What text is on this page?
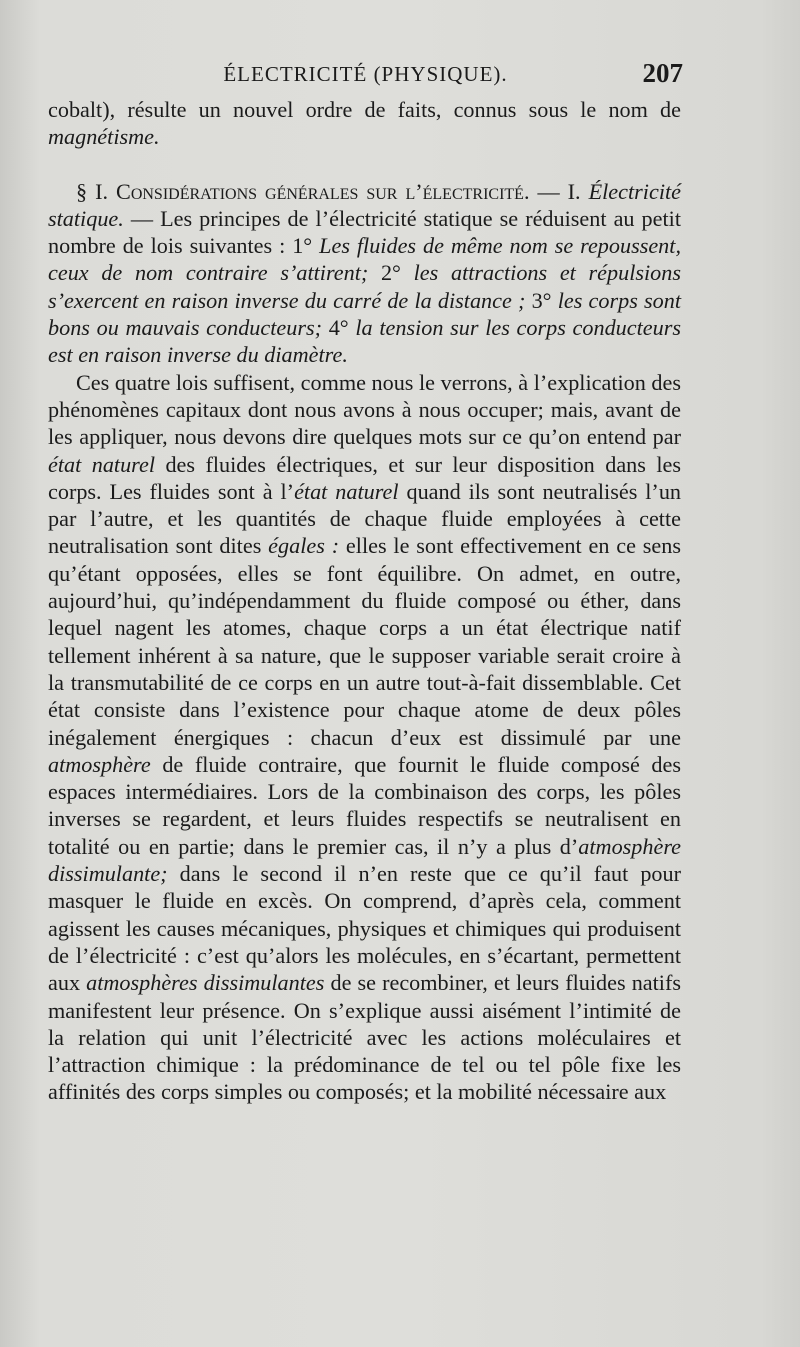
ÉLECTRICITÉ (PHYSIQUE).	207

cobalt), résulte un nouvel ordre de faits, connus sous le nom de magnétisme.

§ I. Considérations générales sur l’électricité. — I. Électricité statique. — Les principes de l’électricité statique se réduisent au petit nombre de lois suivantes : 1° Les fluides de même nom se repoussent, ceux de nom contraire s’attirent; 2° les attractions et répulsions s’exercent en raison inverse du carré de la distance ; 3° les corps sont bons ou mauvais conducteurs; 4° la tension sur les corps conducteurs est en raison inverse du diamètre.

Ces quatre lois suffisent, comme nous le verrons, à l’explication des phénomènes capitaux dont nous avons à nous occuper; mais, avant de les appliquer, nous devons dire quelques mots sur ce qu’on entend par état naturel des fluides électriques, et sur leur disposition dans les corps. Les fluides sont à l’état naturel quand ils sont neutralisés l’un par l’autre, et les quantités de chaque fluide employées à cette neutralisation sont dites égales : elles le sont effectivement en ce sens qu’étant opposées, elles se font équilibre. On admet, en outre, aujourd’hui, qu’indépendamment du fluide composé ou éther, dans lequel nagent les atomes, chaque corps a un état électrique natif tellement inhérent à sa nature, que le supposer variable serait croire à la transmutabilité de ce corps en un autre tout-à-fait dissemblable. Cet état consiste dans l’existence pour chaque atome de deux pôles inégalement énergiques : chacun d’eux est dissimulé par une atmosphère de fluide contraire, que fournit le fluide composé des espaces intermédiaires. Lors de la combinaison des corps, les pôles inverses se regardent, et leurs fluides respectifs se neutralisent en totalité ou en partie; dans le premier cas, il n’y a plus d’atmosphère dissimulante; dans le second il n’en reste que ce qu’il faut pour masquer le fluide en excès. On comprend, d’après cela, comment agissent les causes mécaniques, physiques et chimiques qui produisent de l’électricité : c’est qu’alors les molécules, en s’écartant, permettent aux atmosphères dissimulantes de se recombiner, et leurs fluides natifs manifestent leur présence. On s’explique aussi aisément l’intimité de la relation qui unit l’électricité avec les actions moléculaires et l’attraction chimique : la prédominance de tel ou tel pôle fixe les affinités des corps simples ou composés; et la mobilité nécessaire aux
